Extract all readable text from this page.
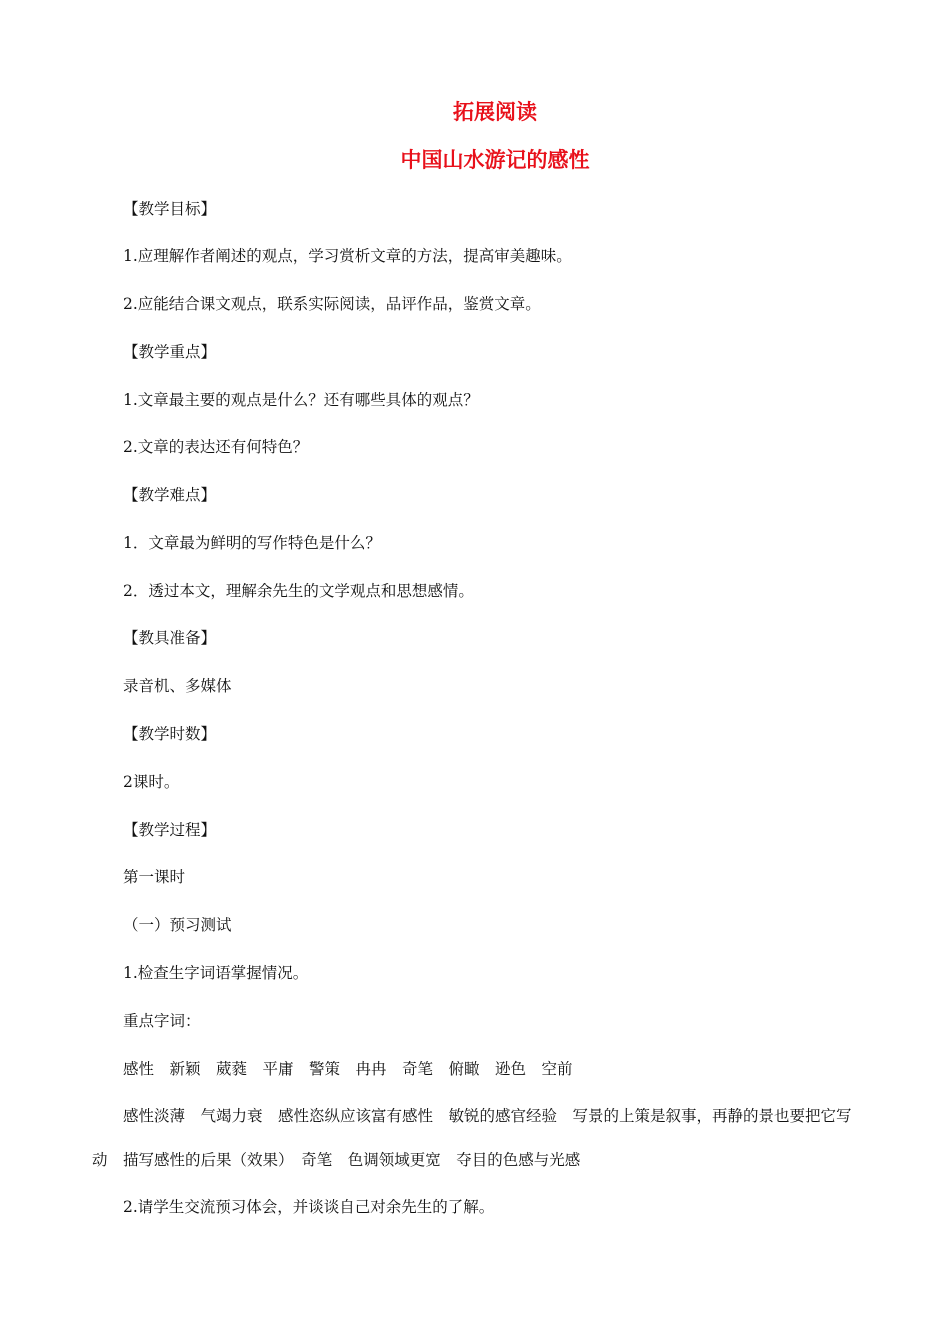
拓展阅读
中国山水游记的感性
【教学目标】
1.应理解作者阐述的观点，学习赏析文章的方法，提高审美趣味。
2.应能结合课文观点，联系实际阅读，品评作品，鉴赏文章。
【教学重点】
1.文章最主要的观点是什么？还有哪些具体的观点？
2.文章的表达还有何特色？
【教学难点】
1．文章最为鲜明的写作特色是什么？
2．透过本文，理解余先生的文学观点和思想感情。
【教具准备】
录音机、多媒体
【教学时数】
2课时。
【教学过程】
第一课时
（一）预习测试
1.检查生字词语掌握情况。
重点字词：
感性　新颖　葳蕤　平庸　警策　冉冉　奇笔　俯瞰　逊色　空前
感性淡薄　气竭力衰　感性恣纵应该富有感性　敏锐的感官经验　写景的上策是叙事，再静的景也要把它写动　描写感性的后果（效果）　奇笔　色调领域更宽　夺目的色感与光感
2.请学生交流预习体会，并谈谈自己对余先生的了解。
